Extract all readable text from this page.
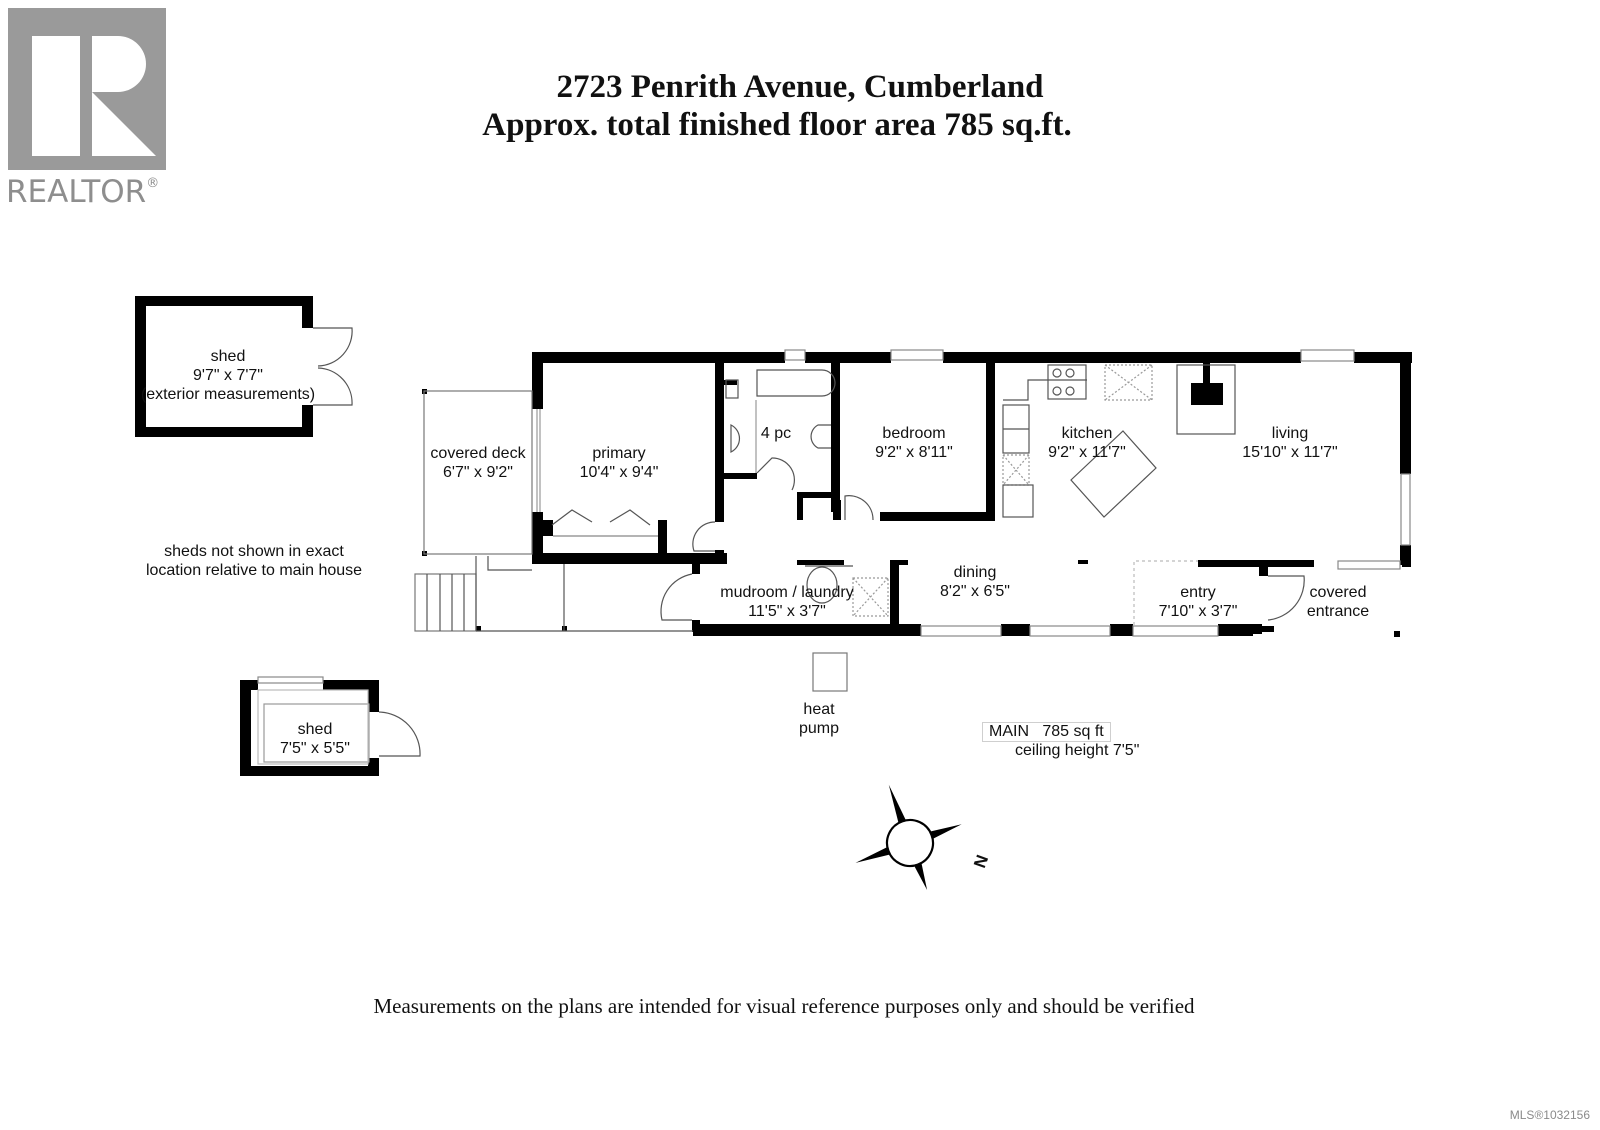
REALTOR®
2723 Penrith Avenue, Cumberland
Approx. total finished floor area 785 sq.ft.
shed
9'7" x 7'7"
(exterior measurements)
sheds not shown in exact
location relative to main house
shed
7'5" x 5'5"
covered deck
6'7" x 9'2"
primary
10'4" x 9'4"
4 pc	bedroom
9'2" x 8'11"
kitchen
9'2" x 11'7"
living
15'10" x 11'7"
dining
8'2" x 6'5"
mudroom / laundry
11'5" x 3'7"
entry
7'10" x 3'7"
covered
entrance
heat
pump	MAIN 785 sq ft
ceiling height 7'5"
N
Measurements on the plans are intended for visual reference purposes only and should be verified
MLS®1032156
